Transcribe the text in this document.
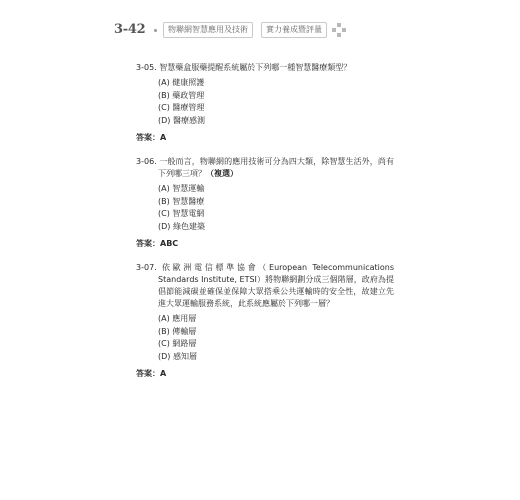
3-42	物聯網智慧應用及技術	實力養成暨評量
3-05. 智慧藥盒服藥提醒系統屬於下列哪一種智慧醫療類型？
(A) 健康照護
(B) 藥政管理
(C) 醫療管理
(D) 醫療感測
答案：A
3-06. 一般而言，物聯網的應用技術可分為四大類，除智慧生活外，尚有下列哪三項？（複選）
(A) 智慧運輸
(B) 智慧醫療
(C) 智慧電網
(D) 綠色建築
答案：ABC
3-07. 依歐洲電信標準協會（European Telecommunications Standards Institute, ETSI）將物聯網劃分成三個階層，政府為提倡節能減碳並確保並保障大眾搭乘公共運輸時的安全性，故建立先進大眾運輸服務系統，此系統應屬於下列哪一層？
(A) 應用層
(B) 傳輸層
(C) 網路層
(D) 感知層
答案：A
